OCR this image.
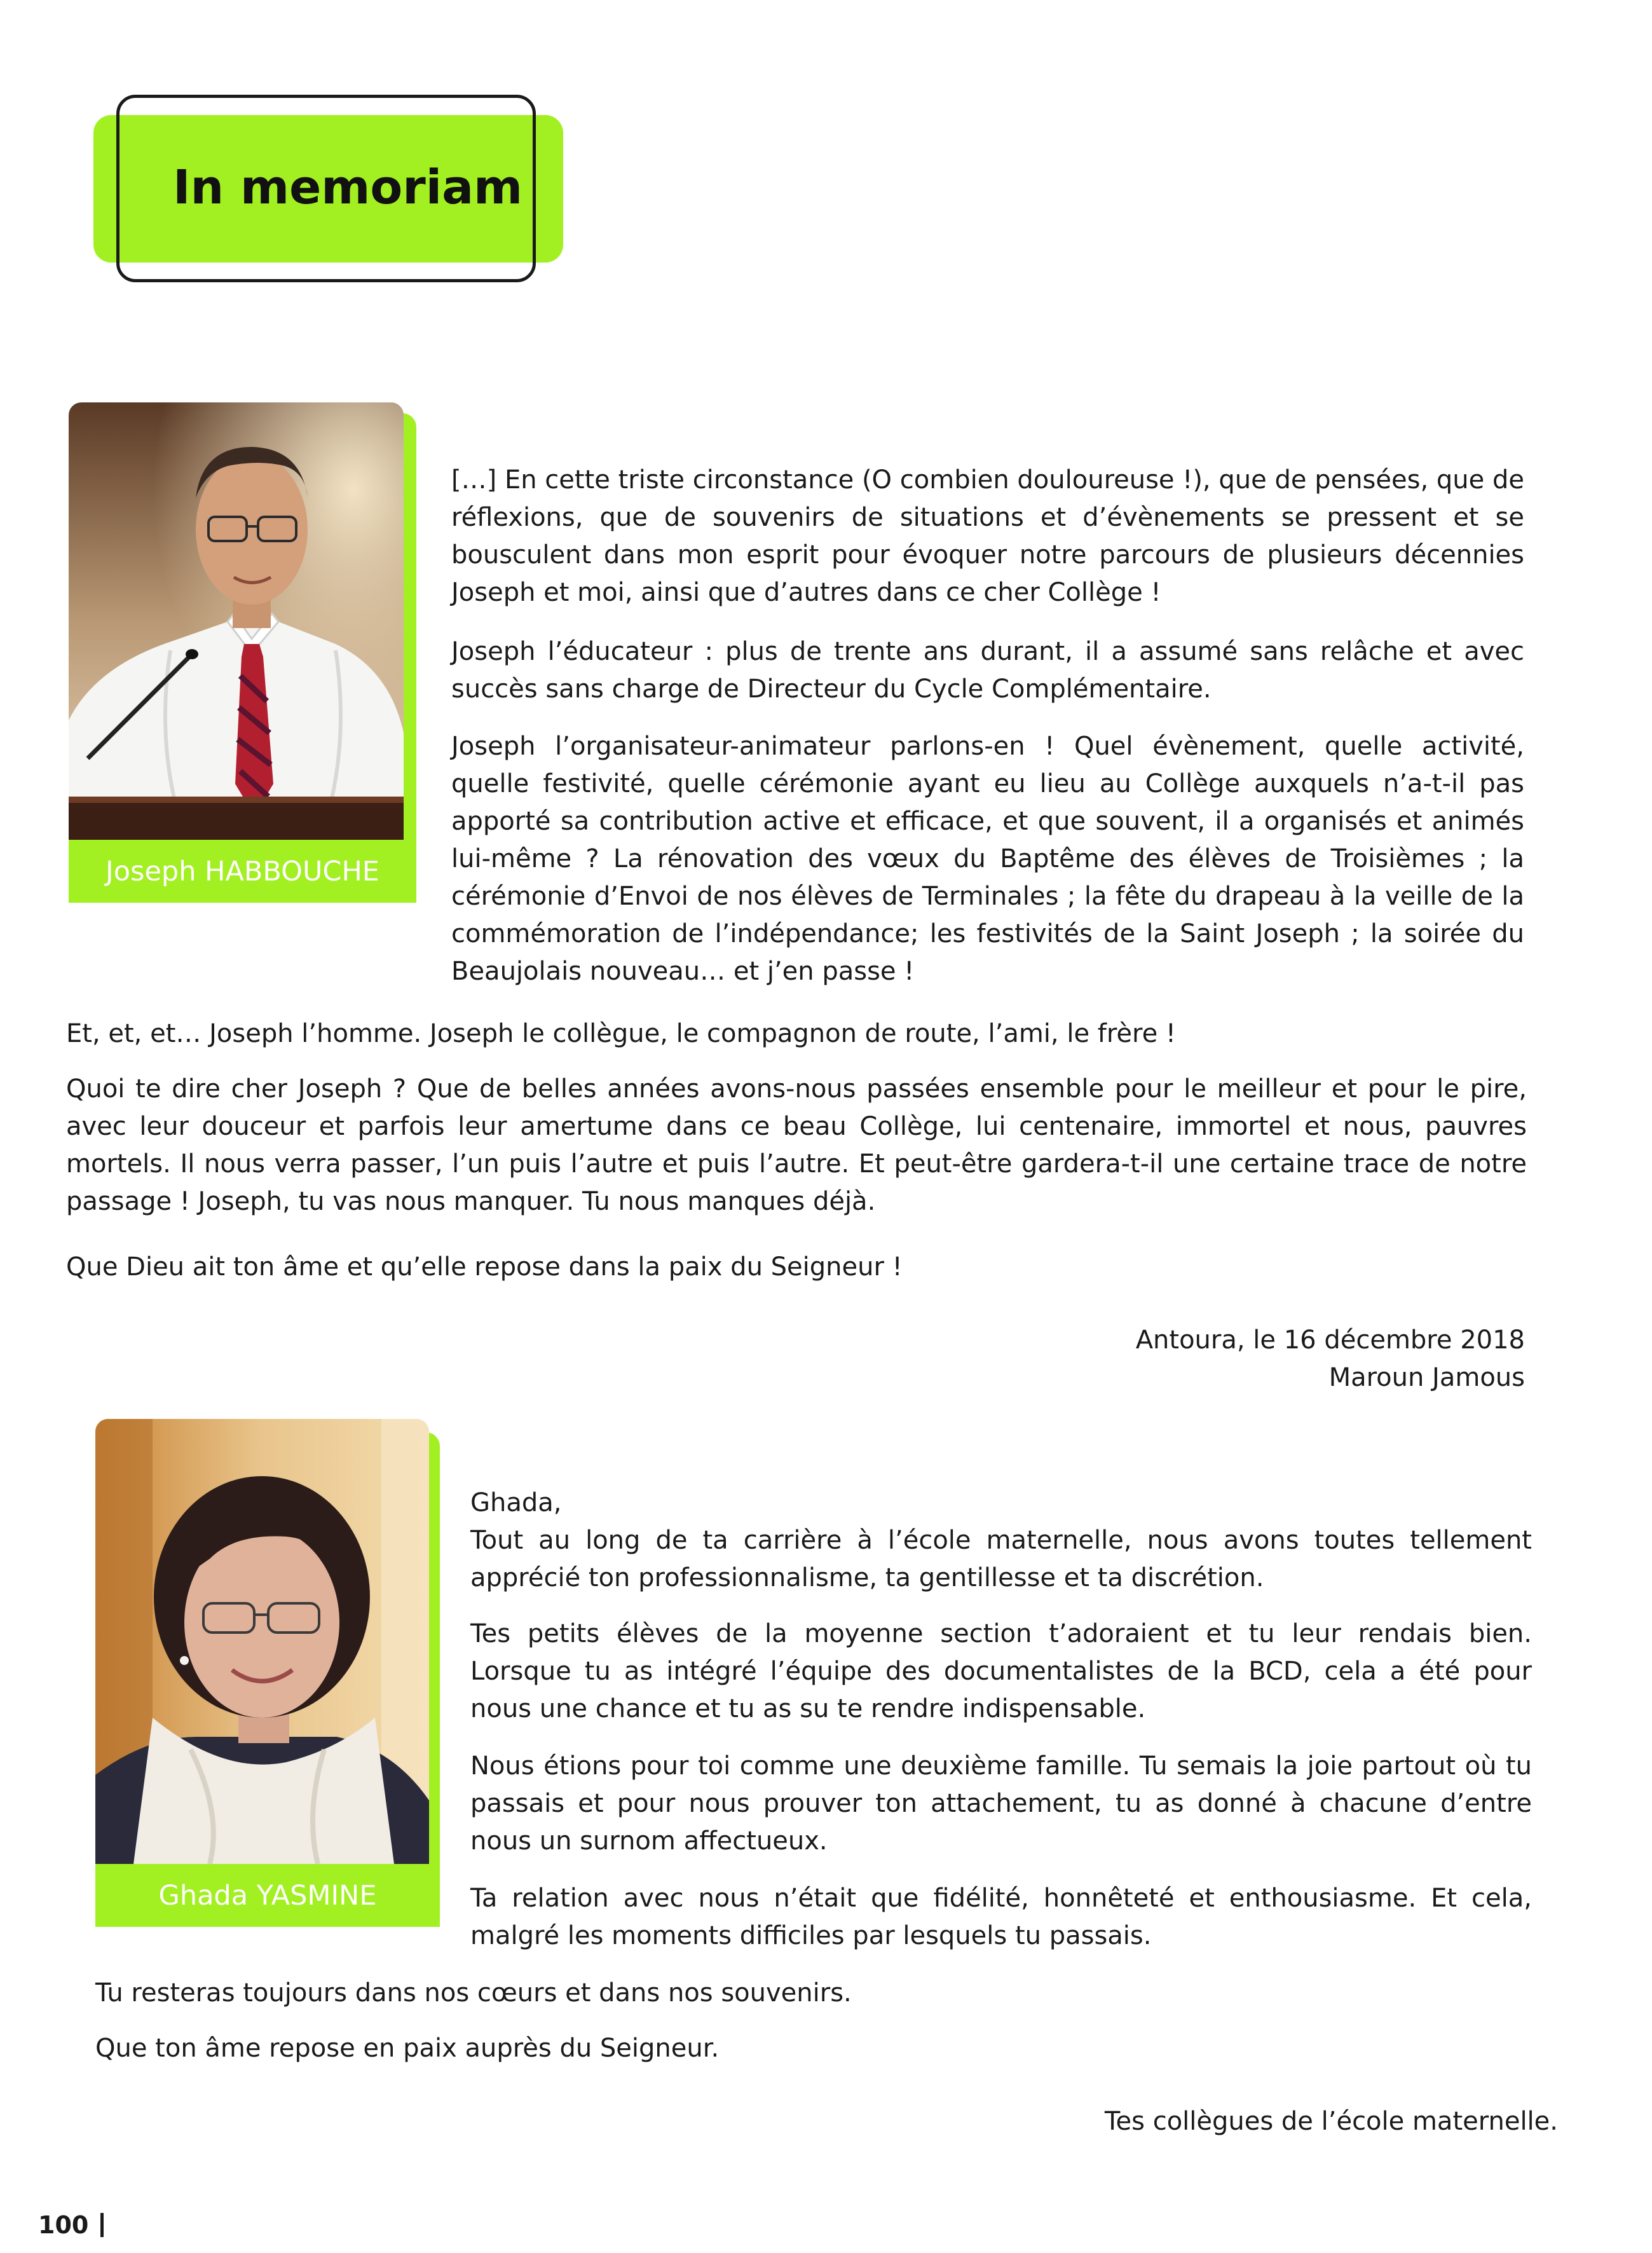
In memoriam
Joseph HABBOUCHE

[…] En cette triste circonstance (O combien douloureuse !), que de pensées, que de réflexions, que de souvenirs de situations et d’évènements se pressent et se bousculent dans mon esprit pour évoquer notre parcours de plusieurs décennies Joseph et moi, ainsi que d’autres dans ce cher Collège !

Joseph l’éducateur : plus de trente ans durant, il a assumé sans relâche et avec succès sans charge de Directeur du Cycle Complémentaire.

Joseph l’organisateur-animateur parlons-en ! Quel évènement, quelle activité, quelle festivité, quelle cérémonie ayant eu lieu au Collège auxquels n’a-t-il pas apporté sa contribution active et efficace, et que souvent, il a organisés et animés lui-même ? La rénovation des vœux du Baptême des élèves de Troisièmes ; la cérémonie d’Envoi de nos élèves de Terminales ; la fête du drapeau à la veille de la commémoration de l’indépendance; les festivités de la Saint Joseph ; la soirée du Beaujolais nouveau… et j’en passe !

Et, et, et… Joseph l’homme. Joseph le collègue, le compagnon de route, l’ami, le frère !

Quoi te dire cher Joseph ? Que de belles années avons-nous passées ensemble pour le meilleur et pour le pire, avec leur douceur et parfois leur amertume dans ce beau Collège, lui centenaire, immortel et nous, pauvres mortels. Il nous verra passer, l’un puis l’autre et puis l’autre. Et peut-être gardera-t-il une certaine trace de notre passage ! Joseph, tu vas nous manquer. Tu nous manques déjà.

Que Dieu ait ton âme et qu’elle repose dans la paix du Seigneur !

Antoura, le 16 décembre 2018
Maroun Jamous
Ghada YASMINE

Ghada,

Tout au long de ta carrière à l’école maternelle, nous avons toutes tellement apprécié ton professionnalisme, ta gentillesse et ta discrétion.

Tes petits élèves de la moyenne section t’adoraient et tu leur rendais bien. Lorsque tu as intégré l’équipe des documentalistes de la BCD, cela a été pour nous une chance et tu as su te rendre indispensable.

Nous étions pour toi comme une deuxième famille. Tu semais la joie partout où tu passais et pour nous prouver ton attachement, tu as donné à chacune d’entre nous un surnom affectueux.

Ta relation avec nous n’était que fidélité, honnêteté et enthousiasme. Et cela, malgré les moments difficiles par lesquels tu passais.

Tu resteras toujours dans nos cœurs et dans nos souvenirs.

Que ton âme repose en paix auprès du Seigneur.

Tes collègues de l’école maternelle.
100
